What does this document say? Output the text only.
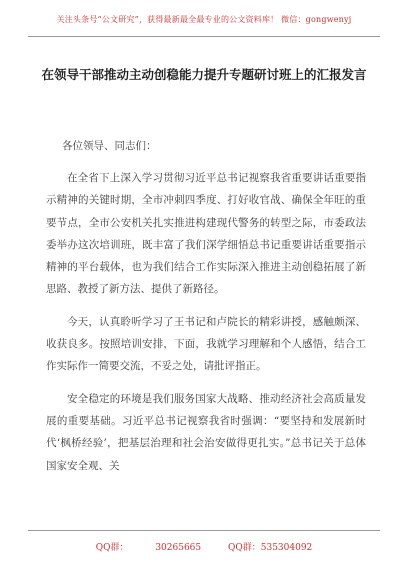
关注头条号“公文研究”，获得最新最全最专业的公文资料库！ 微信：gongwenyj
在领导干部推动主动创稳能力提升专题研讨班上的汇报发言

各位领导、同志们：

在全省下上深入学习贯彻习近平总书记视察我省重要讲话重要指示精神的关键时期，全市冲刺四季度、打好收官战、确保全年旺的重要节点，全市公安机关扎实推进构建现代警务的转型之际，市委政法委举办这次培训班，既丰富了我们深学细悟总书记重要讲话重要指示精神的平台载体，也为我们结合工作实际深入推进主动创稳拓展了新思路、教授了新方法、提供了新路径。

今天，认真聆听学习了王书记和卢院长的精彩讲授，感触颇深、收获良多。按照培训安排，下面，我就学习理解和个人感悟，结合工作实际作一简要交流，不妥之处，请批评指正。

安全稳定的环境是我们服务国家大战略、推动经济社会高质量发展的重要基础。习近平总书记视察我省时强调：“要坚持和发展新时代‘枫桥经验’，把基层治理和社会治安做得更扎实。”总书记关于总体国家安全观、关

QQ群： 30265665 QQ群：535304092
